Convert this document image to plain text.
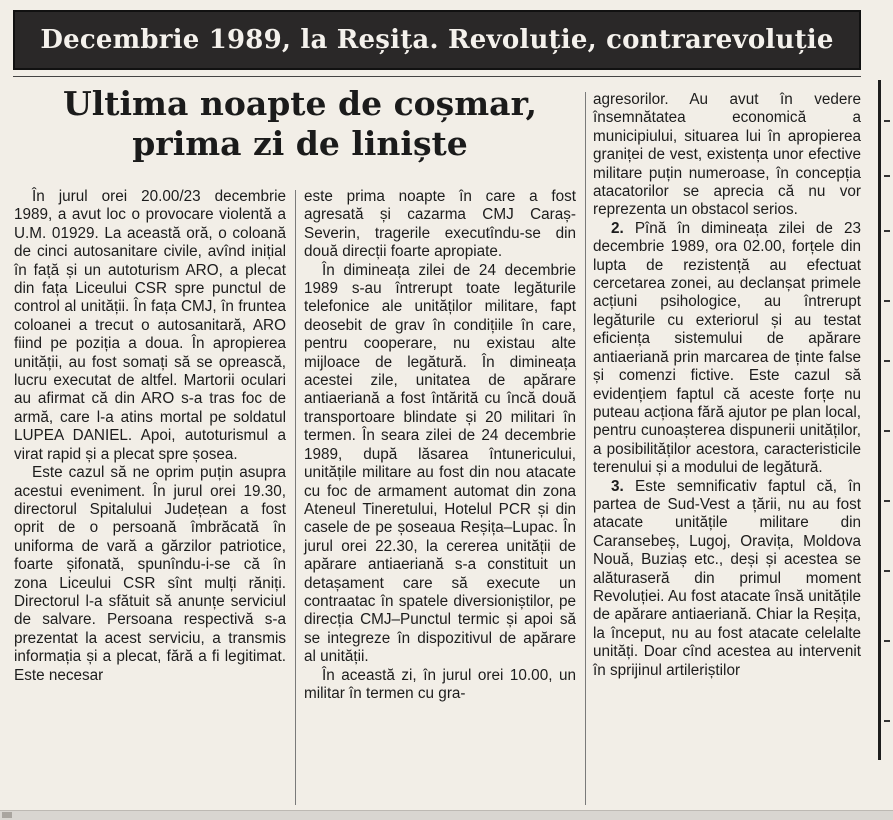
Decembrie 1989, la Reșița. Revoluție, contrarevoluție
Ultima noapte de coșmar,
prima zi de liniște

În jurul orei 20.00/23 decembrie 1989, a avut loc o provocare violentă a U.M. 01929. La această oră, o coloană de cinci autosanitare civile, avînd inițial în față și un autoturism ARO, a plecat din fața Liceului CSR spre punctul de control al unității. În fața CMJ, în fruntea coloanei a trecut o autosanitară, ARO fiind pe poziția a doua. În apropierea unității, au fost somați să se oprească, lucru executat de altfel. Martorii oculari au afirmat că din ARO s-a tras foc de armă, care l-a atins mortal pe soldatul LUPEA DANIEL. Apoi, autoturismul a virat rapid și a plecat spre șosea.

Este cazul să ne oprim puțin asupra acestui eveniment. În jurul orei 19.30, directorul Spitalului Județean a fost oprit de o persoană îmbrăcată în uniforma de vară a gărzilor patriotice, foarte șifonată, spunîndu-i-se că în zona Liceului CSR sînt mulți răniți. Directorul l-a sfătuit să anunțe serviciul de salvare. Persoana respectivă s-a prezentat la acest serviciu, a transmis informația și a plecat, fără a fi legitimat. Este necesar

este prima noapte în care a fost agresată și cazarma CMJ Caraș-Severin, tragerile executîndu-se din două direcții foarte apropiate.

În dimineața zilei de 24 decembrie 1989 s-au întrerupt toate legăturile telefonice ale unităților militare, fapt deosebit de grav în condițiile în care, pentru cooperare, nu existau alte mijloace de legătură. În dimineața acestei zile, unitatea de apărare antiaeriană a fost întărită cu încă două transportoare blindate și 20 militari în termen. În seara zilei de 24 decembrie 1989, după lăsarea întunericului, unitățile militare au fost din nou atacate cu foc de armament automat din zona Ateneul Tineretului, Hotelul PCR și din casele de pe șoseaua Reșița–Lupac. În jurul orei 22.30, la cererea unității de apărare antiaeriană s-a constituit un detașament care să execute un contraatac în spatele diversioniștilor, pe direcția CMJ–Punctul termic și apoi să se integreze în dispozitivul de apărare al unității.

În această zi, în jurul orei 10.00, un militar în termen cu gra-

agresorilor. Au avut în vedere însemnătatea economică a municipiului, situarea lui în apropierea graniței de vest, existența unor efective militare puțin numeroase, în concepția atacatorilor se aprecia că nu vor reprezenta un obstacol serios.

2. Pînă în dimineața zilei de 23 decembrie 1989, ora 02.00, forțele din lupta de rezistență au efectuat cercetarea zonei, au declanșat primele acțiuni psihologice, au întrerupt legăturile cu exteriorul și au testat eficiența sistemului de apărare antiaeriană prin marcarea de ținte false și comenzi fictive. Este cazul să evidențiem faptul că aceste forțe nu puteau acționa fără ajutor pe plan local, pentru cunoașterea dispunerii unităților, a posibilităților acestora, caracteristicile terenului și a modului de legătură.

3. Este semnificativ faptul că, în partea de Sud-Vest a țării, nu au fost atacate unitățile militare din Caransebeș, Lugoj, Oravița, Moldova Nouă, Buziaș etc., deși și acestea se alăturaseră din primul moment Revoluției. Au fost atacate însă unitățile de apărare antiaeriană. Chiar la Reșița, la început, nu au fost atacate celelalte unități. Doar cînd acestea au intervenit în sprijinul artileriștilor
